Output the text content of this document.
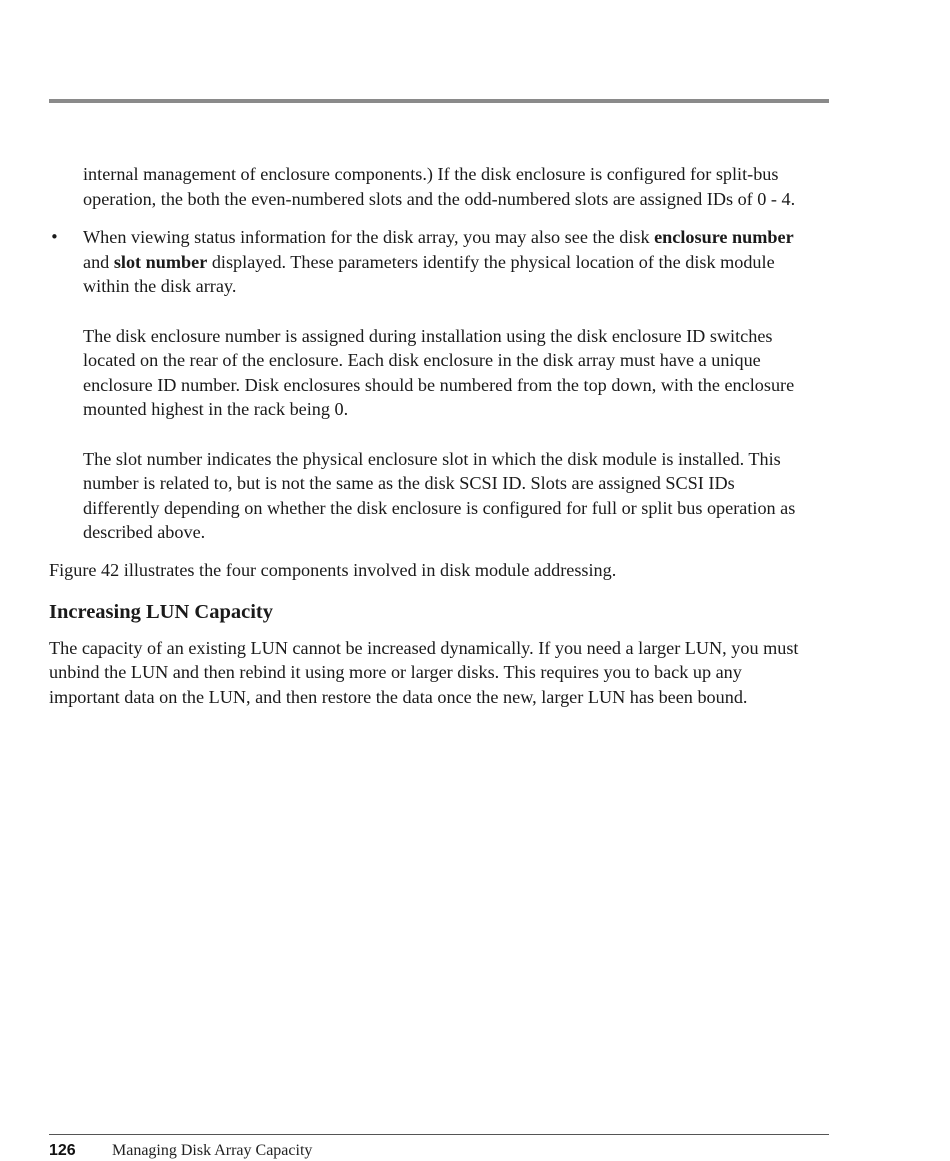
internal management of enclosure components.) If the disk enclosure is configured for split-bus operation, the both the even-numbered slots and the odd-numbered slots are assigned IDs of 0 - 4.

• When viewing status information for the disk array, you may also see the disk enclosure number  and slot number displayed. These parameters identify the physical location of the disk module within the disk array.

The disk enclosure number is assigned during installation using the disk enclosure ID switches located on the rear of the enclosure. Each disk enclosure in the disk array must have a unique enclosure ID number. Disk enclosures should be numbered from the top down, with the enclosure mounted highest in the rack being 0.

The slot number indicates the physical enclosure slot in which the disk module is installed. This number is related to, but is not the same as the disk SCSI ID. Slots are assigned SCSI IDs differently depending on whether the disk enclosure is configured for full or split bus operation as described above.

Figure 42 illustrates the four components involved in disk module addressing.

Increasing LUN Capacity

The capacity of an existing LUN cannot be increased dynamically. If you need a larger LUN, you must unbind the LUN and then rebind it using more or larger disks. This requires you to back up any important data on the LUN, and then restore the data once the new, larger LUN has been bound.

126 Managing Disk Array Capacity
